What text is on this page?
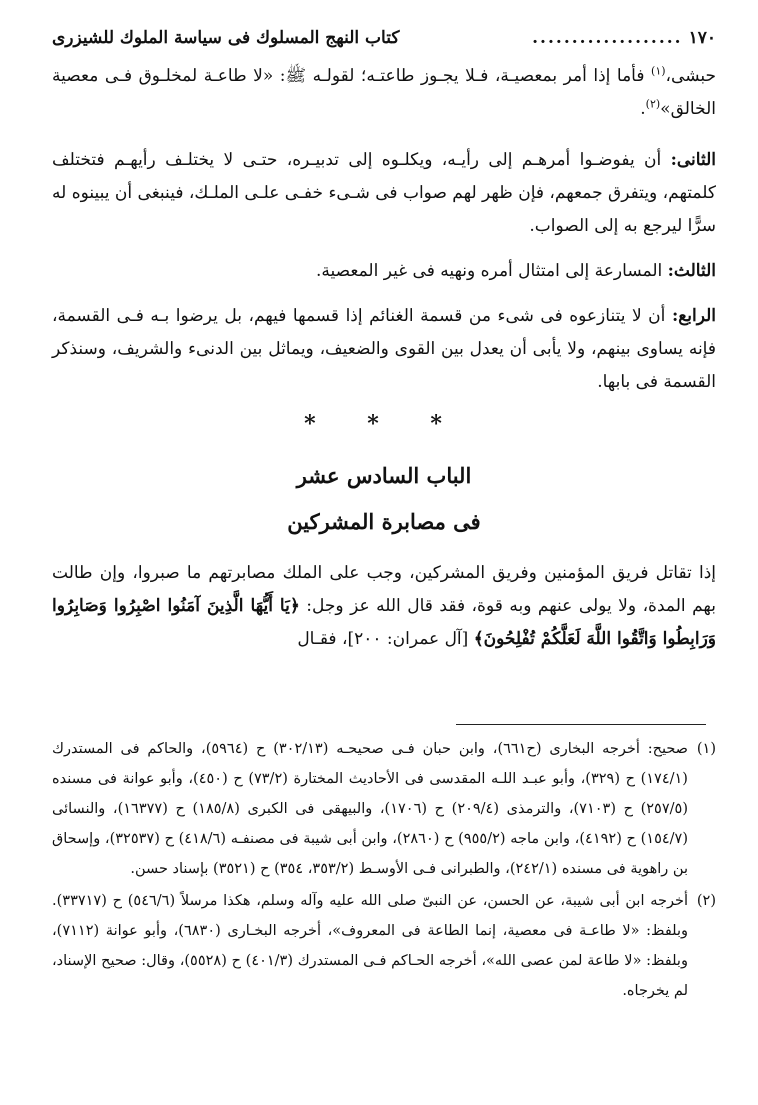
١٧٠
...................
كتاب النهج المسلوك فى سياسة الملوك للشيزرى

حبشى،$^{(١)}$ فأما إذا أمر بمعصيـة، فـلا يجـوز طاعتـه؛ لقولـه ﷺ: «لا طاعـة لمخلـوق فـى معصية الخالق»$^{(٢)}$.

الثانى: أن يفوضـوا أمرهـم إلى رأيـه، ويكلـوه إلى تدبيـره، حتـى لا يختلـف رأيهـم فتختلف كلمتهم، ويتفرق جمعهم، فإن ظهر لهم صواب فى شـىء خفـى علـى الملـك، فينبغى أن يبينوه له سرًّا ليرجع به إلى الصواب.

الثالث: المسارعة إلى امتثال أمره ونهيه فى غير المعصية.

الرابع: أن لا يتنازعوه فى شىء من قسمة الغنائم إذا قسمها فيهم، بل يرضوا بـه فـى القسمة، فإنه يساوى بينهم، ولا يأبى أن يعدل بين القوى والضعيف، ويماثل بين الدنىء والشريف، وسنذكر القسمة فى بابها.

* * *
الباب السادس عشر
فى مصابرة المشركين

إذا تقاتل فريق المؤمنين وفريق المشركين، وجب على الملك مصابرتهم ما صبروا، وإن طالت بهم المدة، ولا يولى عنهم وبه قوة، فقد قال الله عز وجل: ﴿يَا أَيُّهَا الَّذِينَ آمَنُوا اصْبِرُوا وَصَابِرُوا وَرَابِطُوا وَاتَّقُوا اللَّهَ لَعَلَّكُمْ تُفْلِحُونَ﴾ [آل عمران: ٢٠٠]، فقـال

(١)
صحيح: أخرجه البخارى (ح٦٦١)، وابن حبان فـى صحيحـه (٣٠٢/١٣) ح (٥٩٦٤)، والحاكم فى المستدرك (١٧٤/١) ح (٣٢٩)، وأبو عبـد اللـه المقدسى فى الأحاديث المختارة (٧٣/٢) ح (٤٥٠)، وأبو عوانة فى مسنده (٢٥٧/٥) ح (٧١٠٣)، والترمذى (٢٠٩/٤) ح (١٧٠٦)، والبيهقى فى الكبرى (١٨٥/٨) ح (١٦٣٧٧)، والنسائى (١٥٤/٧) ح (٤١٩٢)، وابن ماجه (٩٥٥/٢) ح (٢٨٦٠)، وابن أبى شيبة فى مصنفـه (٤١٨/٦) ح (٣٢٥٣٧)، وإسحاق بن راهوية فى مسنده (٢٤٢/١)، والطبرانى فـى الأوسـط (٣٥٣/٢، ٣٥٤) ح (٣٥٢١) بإسناد حسن.
(٢)
أخرجه ابن أبى شيبة، عن الحسن، عن النبىّ صلى الله عليه وآله وسلم، هكذا مرسلاً (٥٤٦/٦) ح (٣٣٧١٧). وبلفظ: «لا طاعـة فى معصية، إنما الطاعة فى المعروف»، أخرجه البخـارى (٦٨٣٠)، وأبو عوانة (٧١١٢)، وبلفظ: «لا طاعة لمن عصى الله»، أخرجه الحـاكم فـى المستدرك (٤٠١/٣) ح (٥٥٢٨)، وقال: صحيح الإسناد، لم يخرجاه.
